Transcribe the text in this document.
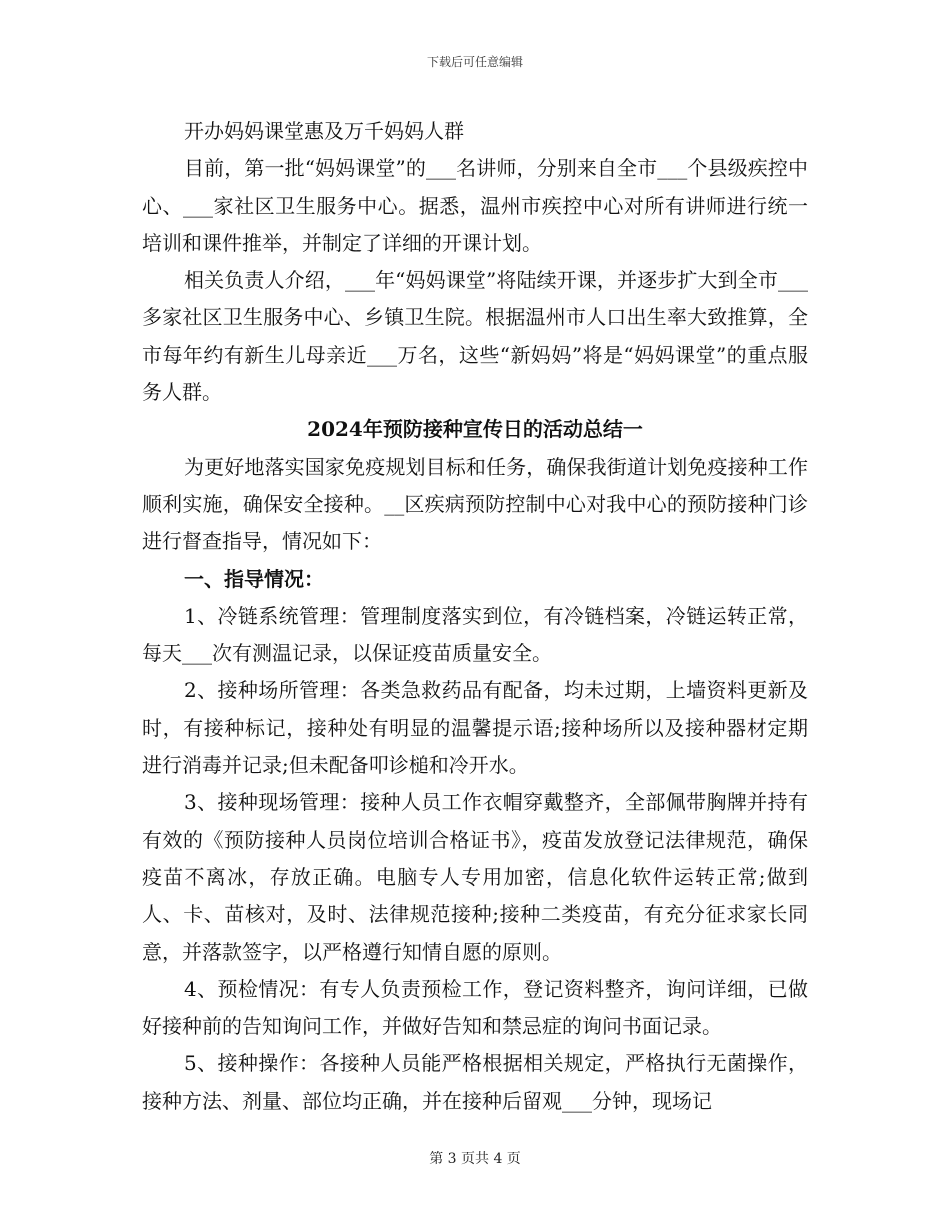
下载后可任意编辑

开办妈妈课堂惠及万千妈妈人群

目前，第一批“妈妈课堂”的___名讲师，分别来自全市___个县级疾控中心、___家社区卫生服务中心。据悉，温州市疾控中心对所有讲师进行统一培训和课件推举，并制定了详细的开课计划。

相关负责人介绍，___年“妈妈课堂”将陆续开课，并逐步扩大到全市___多家社区卫生服务中心、乡镇卫生院。根据温州市人口出生率大致推算，全市每年约有新生儿母亲近___万名，这些“新妈妈”将是“妈妈课堂”的重点服务人群。

2024年预防接种宣传日的活动总结一

为更好地落实国家免疫规划目标和任务，确保我街道计划免疫接种工作顺利实施，确保安全接种。__区疾病预防控制中心对我中心的预防接种门诊进行督查指导，情况如下：

一、指导情况：

1、冷链系统管理：管理制度落实到位，有冷链档案，冷链运转正常，每天___次有测温记录，以保证疫苗质量安全。

2、接种场所管理：各类急救药品有配备，均未过期，上墙资料更新及时，有接种标记，接种处有明显的温馨提示语;接种场所以及接种器材定期进行消毒并记录;但未配备叩诊槌和冷开水。

3、接种现场管理：接种人员工作衣帽穿戴整齐，全部佩带胸牌并持有有效的《预防接种人员岗位培训合格证书》，疫苗发放登记法律规范，确保疫苗不离冰，存放正确。电脑专人专用加密，信息化软件运转正常;做到人、卡、苗核对，及时、法律规范接种;接种二类疫苗，有充分征求家长同意，并落款签字，以严格遵行知情自愿的原则。

4、预检情况：有专人负责预检工作，登记资料整齐，询问详细，已做好接种前的告知询问工作，并做好告知和禁忌症的询问书面记录。

5、接种操作：各接种人员能严格根据相关规定，严格执行无菌操作，接种方法、剂量、部位均正确，并在接种后留观___分钟，现场记

第 3 页共 4 页
